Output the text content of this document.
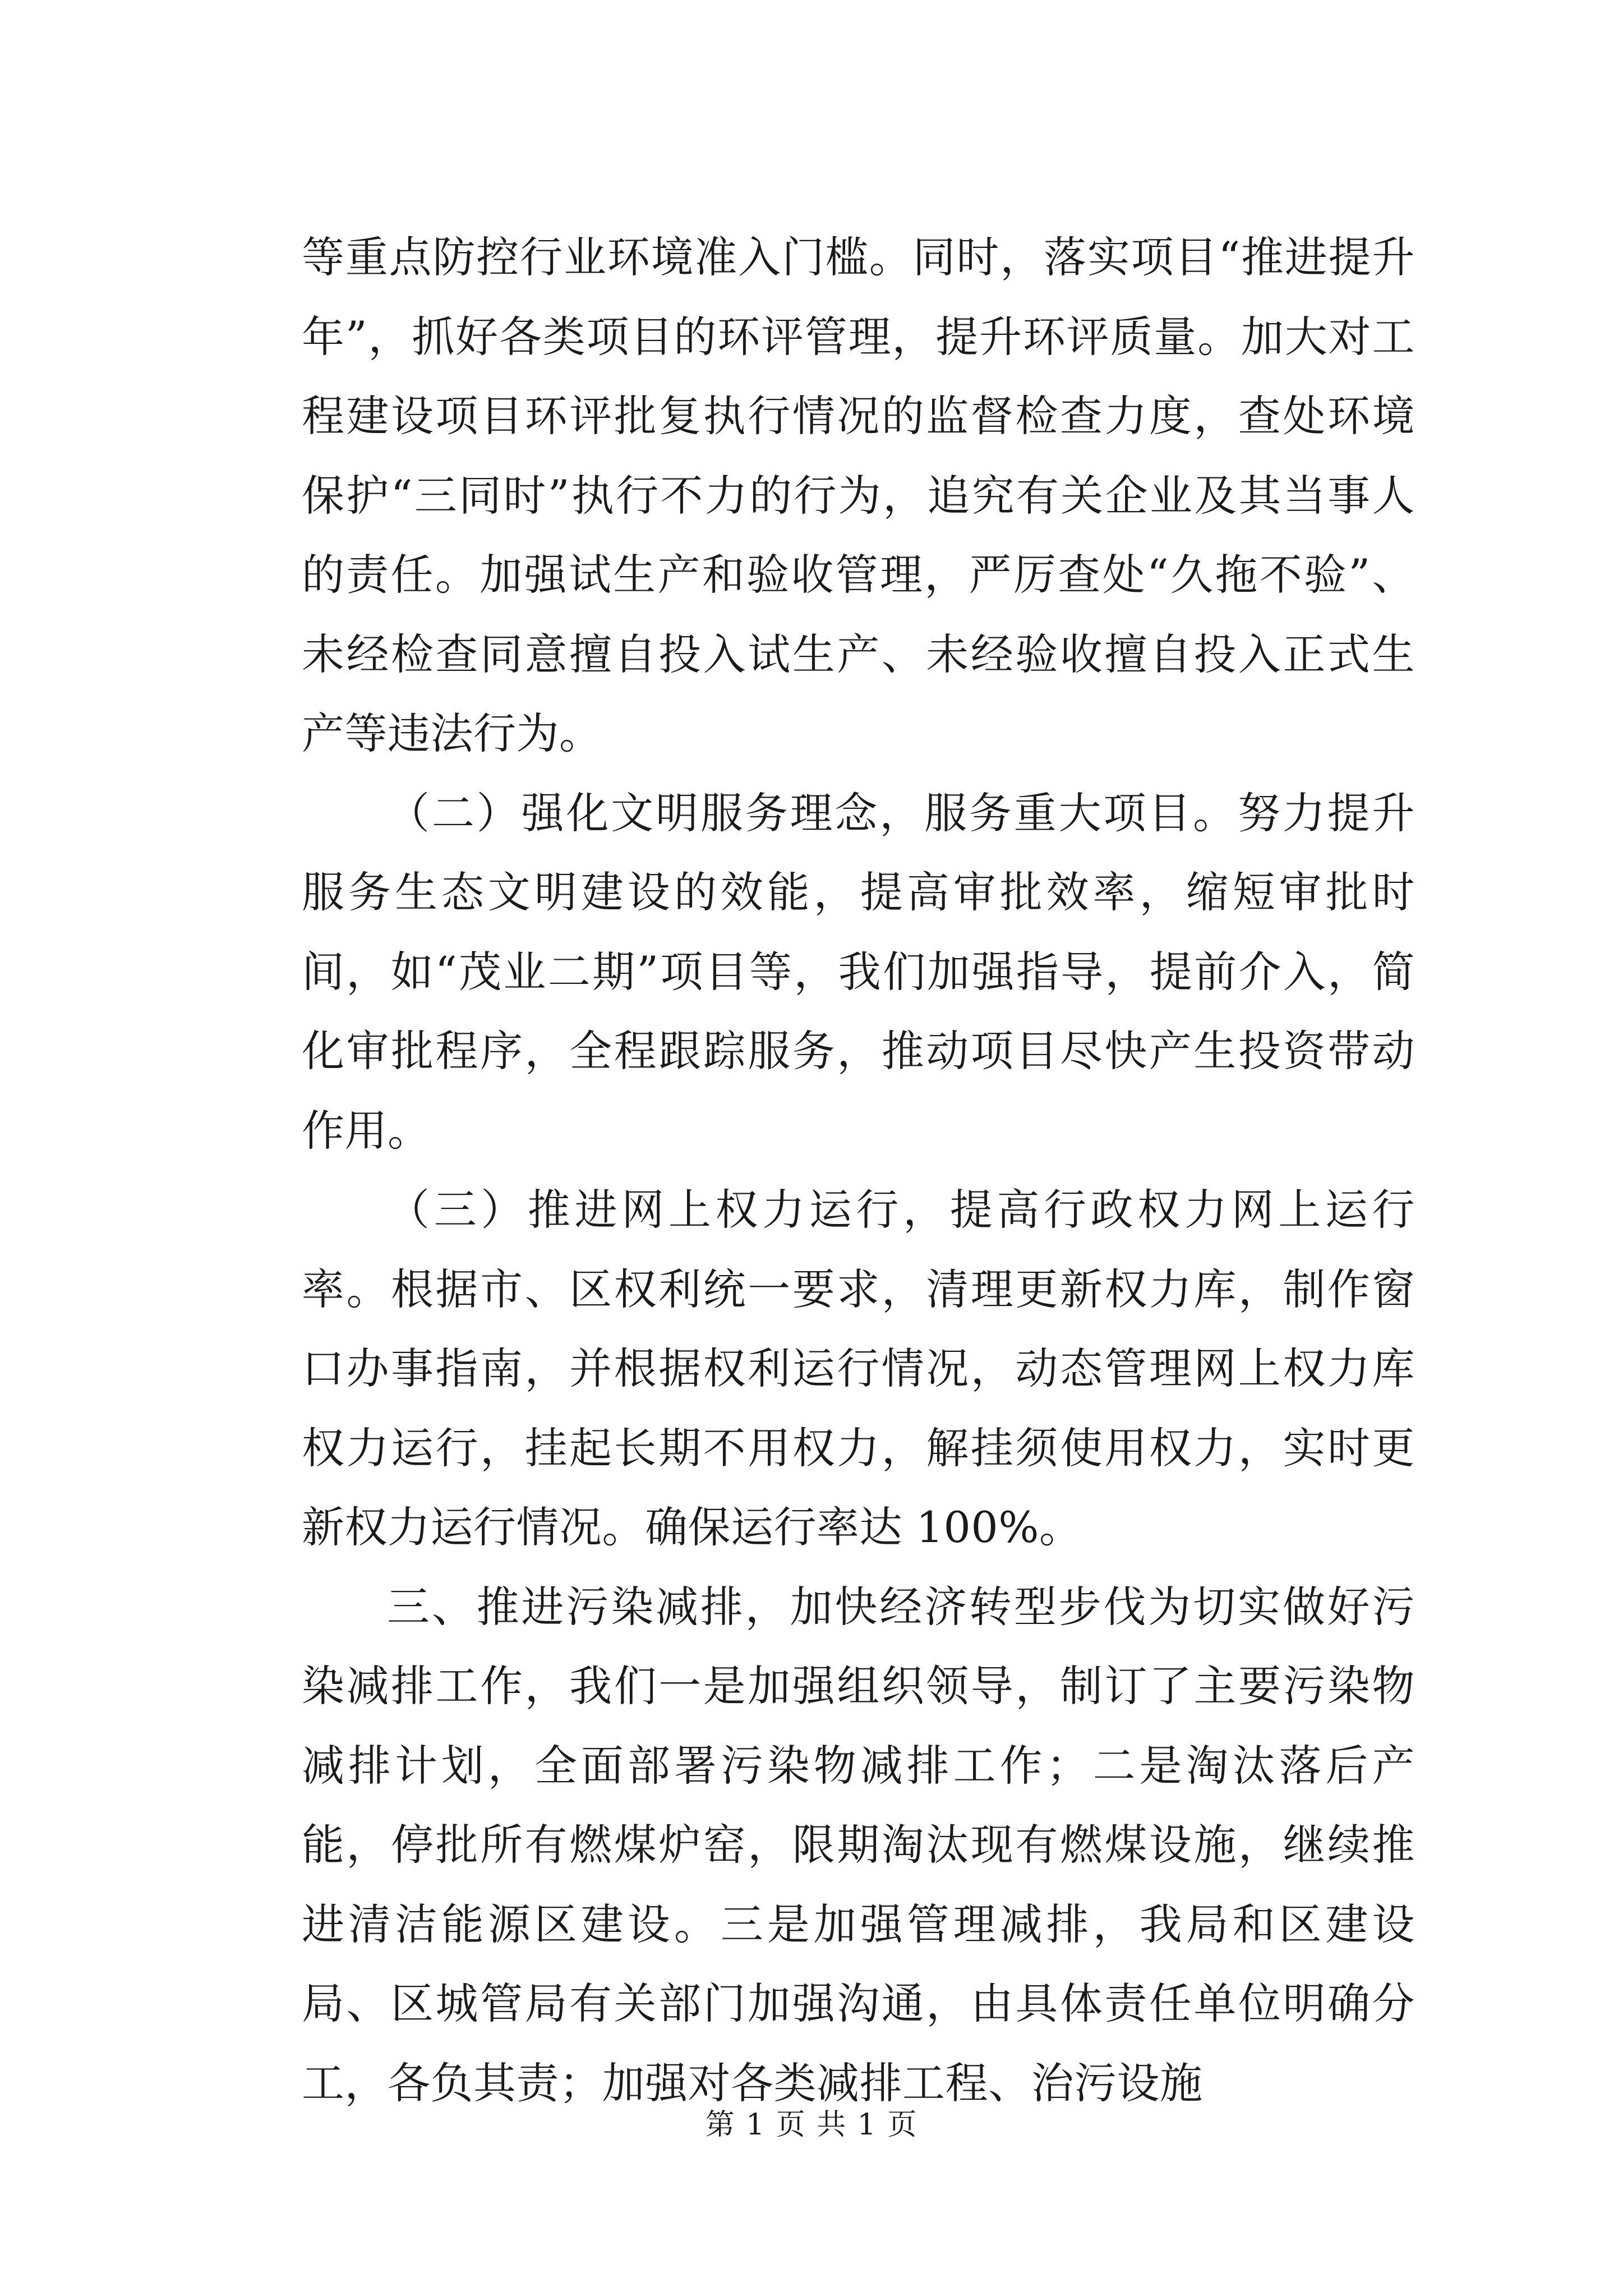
等重点防控行业环境准入门槛。同时，落实项目“推进提升年”，抓好各类项目的环评管理，提升环评质量。加大对工程建设项目环评批复执行情况的监督检查力度，查处环境保护“三同时”执行不力的行为，追究有关企业及其当事人的责任。加强试生产和验收管理，严厉查处“久拖不验”、未经检查同意擅自投入试生产、未经验收擅自投入正式生产等违法行为。

（二）强化文明服务理念，服务重大项目。努力提升服务生态文明建设的效能，提高审批效率，缩短审批时间，如“茂业二期”项目等，我们加强指导，提前介入，简化审批程序，全程跟踪服务，推动项目尽快产生投资带动作用。

（三）推进网上权力运行，提高行政权力网上运行率。根据市、区权利统一要求，清理更新权力库，制作窗口办事指南，并根据权利运行情况，动态管理网上权力库权力运行，挂起长期不用权力，解挂须使用权力，实时更新权力运行情况。确保运行率达 100%。

三、推进污染减排，加快经济转型步伐为切实做好污染减排工作，我们一是加强组织领导，制订了主要污染物减排计划，全面部署污染物减排工作；二是淘汰落后产能，停批所有燃煤炉窑，限期淘汰现有燃煤设施，继续推进清洁能源区建设。三是加强管理减排，我局和区建设局、区城管局有关部门加强沟通，由具体责任单位明确分工，各负其责；加强对各类减排工程、治污设施

第 1 页 共 1 页
